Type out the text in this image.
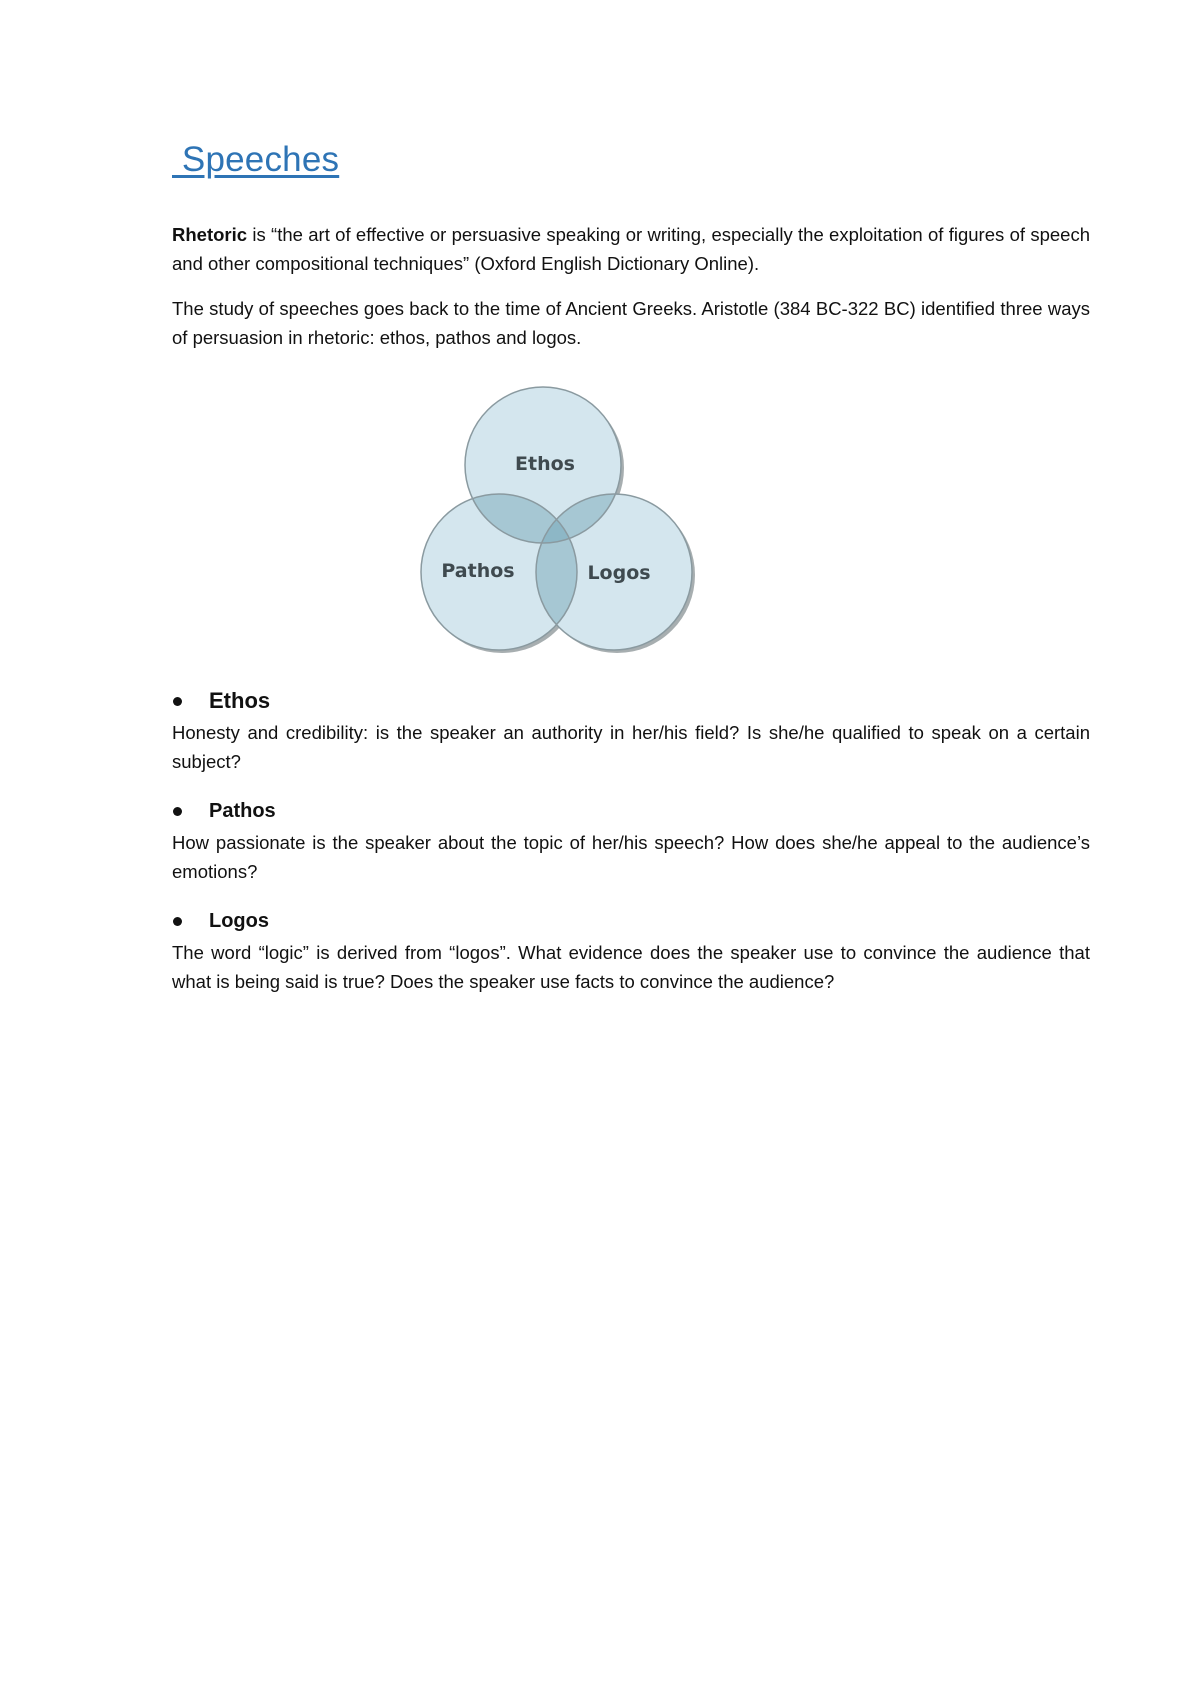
Speeches

Rhetoric is “the art of effective or persuasive speaking or writing, especially the exploitation of figures of speech and other compositional techniques” (Oxford English Dictionary Online).

The study of speeches goes back to the time of Ancient Greeks. Aristotle (384 BC-322 BC) identified three ways of persuasion in rhetoric: ethos, pathos and logos.

Ethos
Pathos	Logos
Ethos

Honesty and credibility: is the speaker an authority in her/his field? Is she/he qualified to speak on a certain subject?

Pathos

How passionate is the speaker about the topic of her/his speech? How does she/he appeal to the audience’s emotions?

Logos

The word “logic” is derived from “logos”. What evidence does the speaker use to convince the audience that what is being said is true? Does the speaker use facts to convince the audience?
